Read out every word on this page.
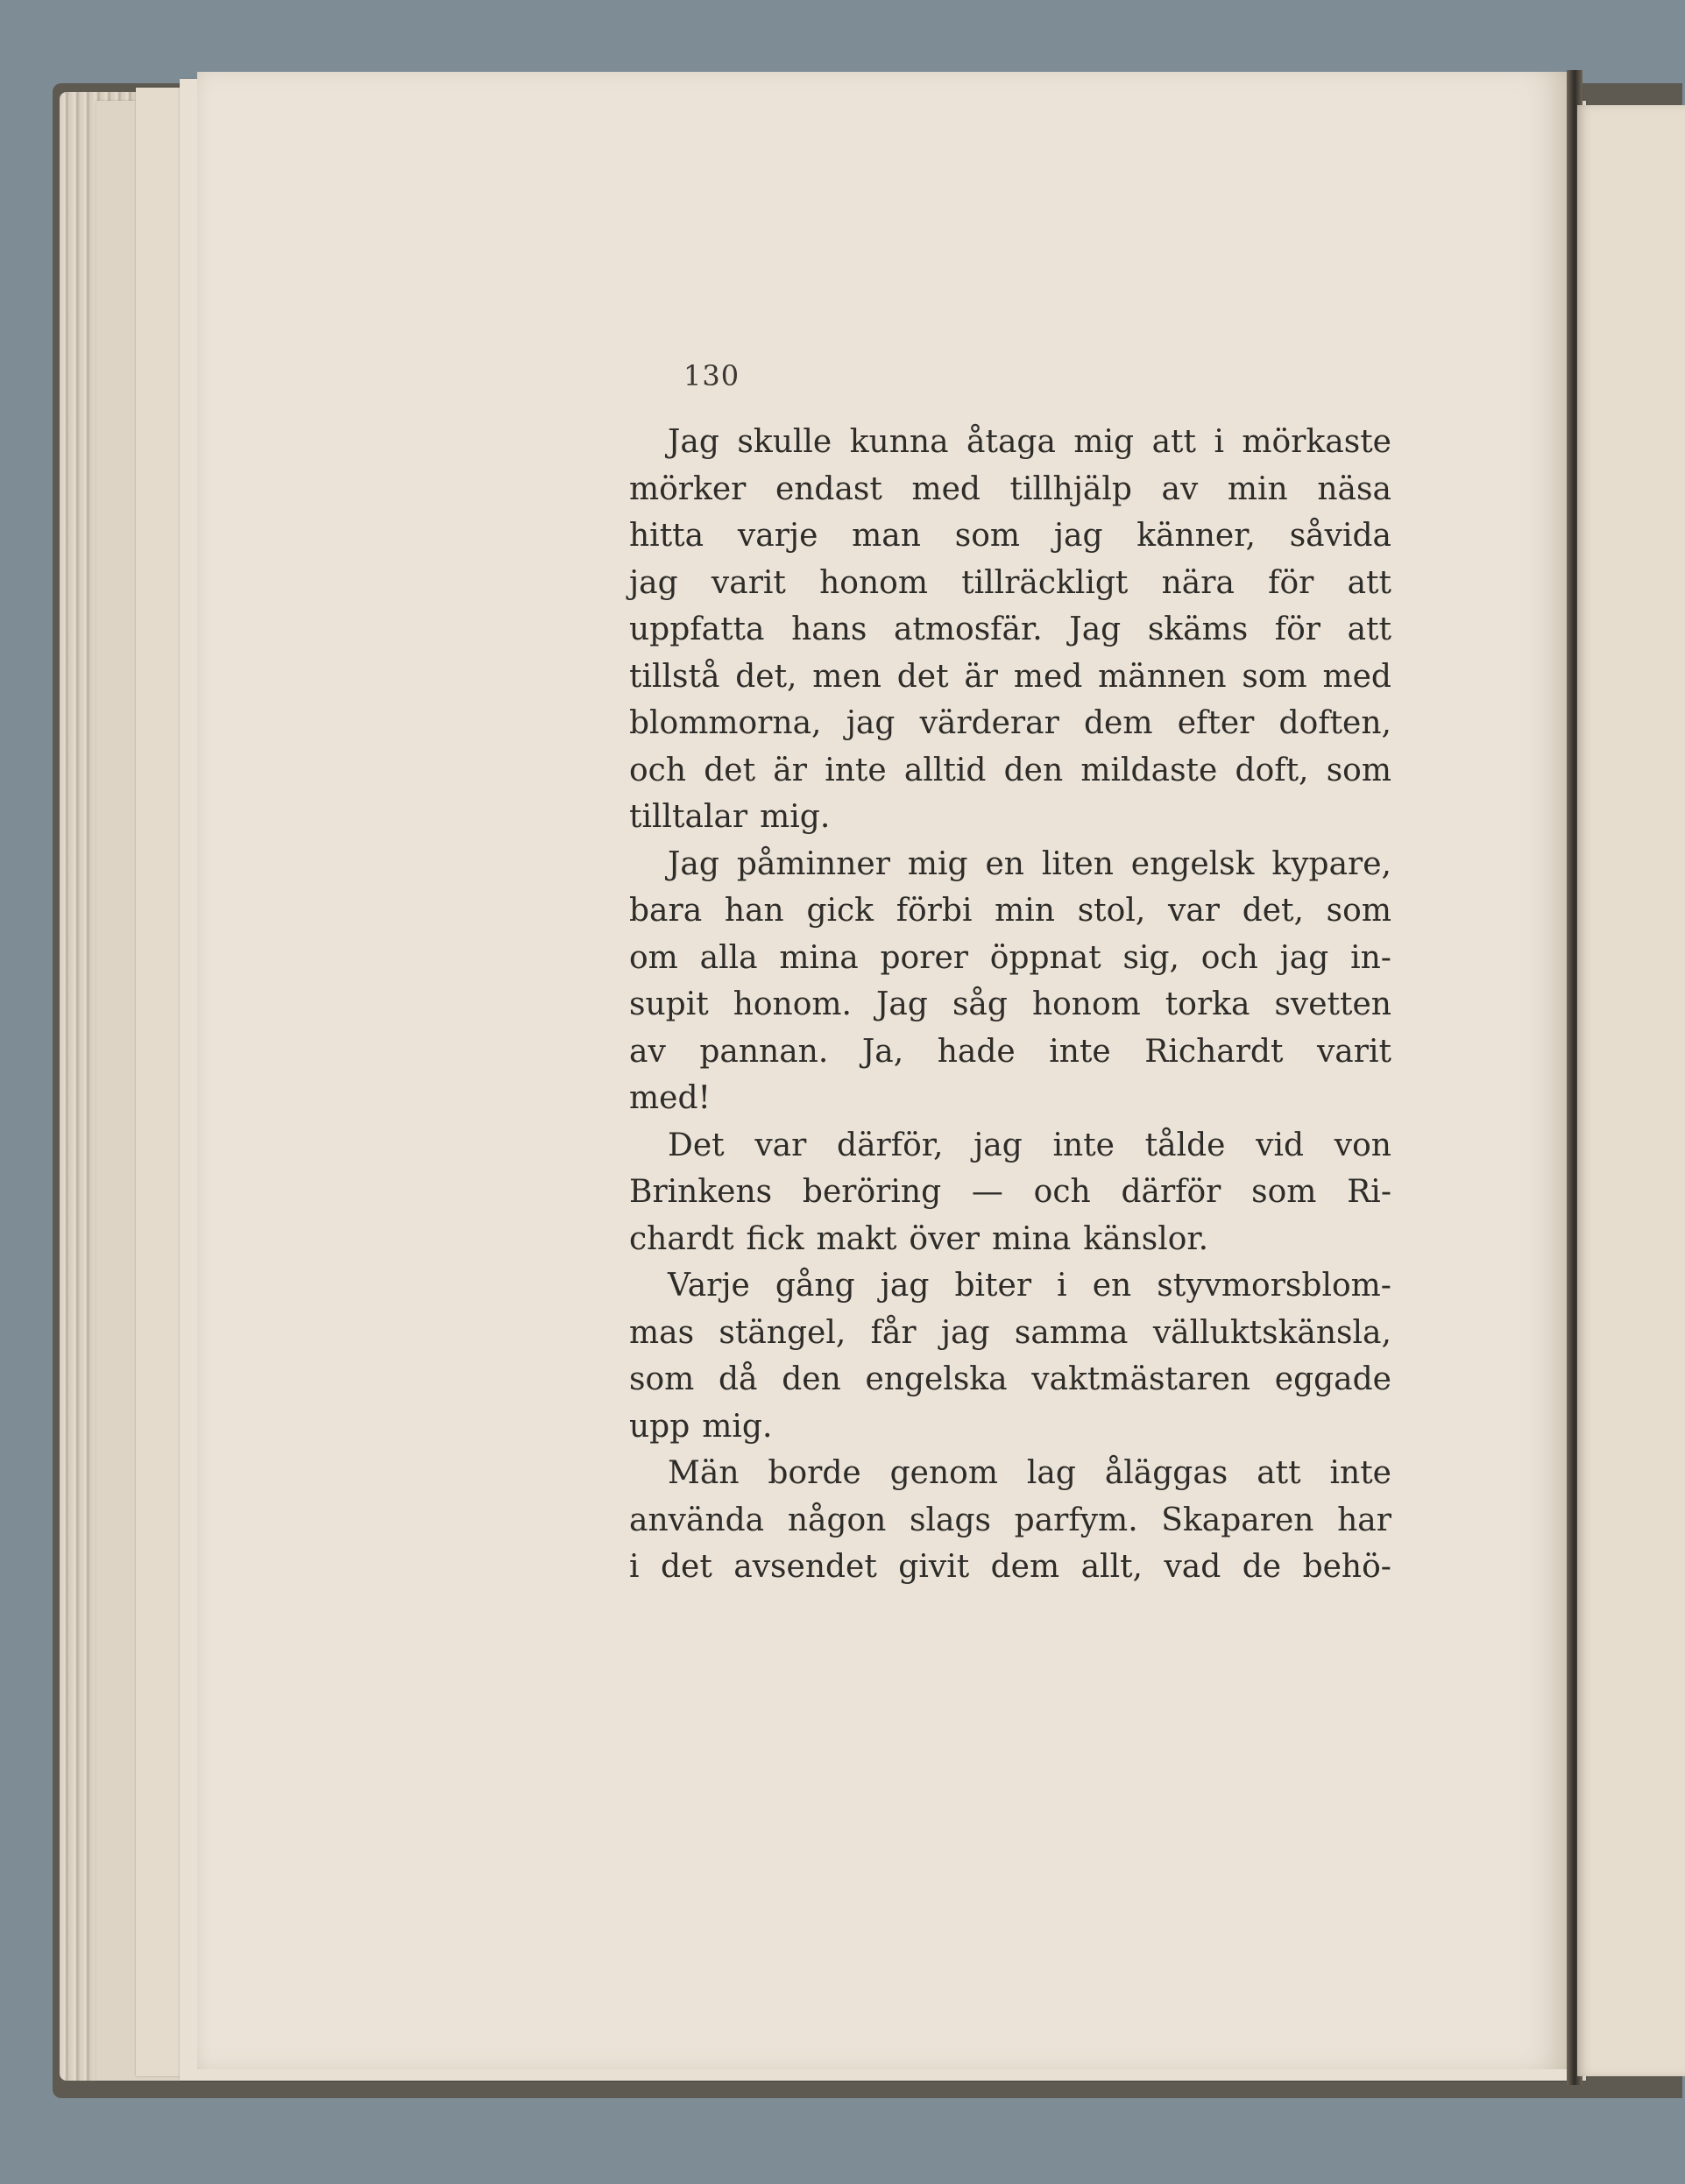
130

Jag skulle kunna åtaga mig att i mörkaste
mörker endast med tillhjälp av min näsa
hitta varje man som jag känner, såvida
jag varit honom tillräckligt nära för att
uppfatta hans atmosfär. Jag skäms för att
tillstå det, men det är med männen som med
blommorna, jag värderar dem efter doften,
och det är inte alltid den mildaste doft, som
tilltalar mig.
Jag påminner mig en liten engelsk kypare,
bara han gick förbi min stol, var det, som
om alla mina porer öppnat sig, och jag in-
supit honom. Jag såg honom torka svetten
av pannan. Ja, hade inte Richardt varit
med!
Det var därför, jag inte tålde vid von
Brinkens beröring — och därför som Ri-
chardt fick makt över mina känslor.
Varje gång jag biter i en styvmorsblom-
mas stängel, får jag samma välluktskänsla,
som då den engelska vaktmästaren eggade
upp mig.
Män borde genom lag åläggas att inte
använda någon slags parfym. Skaparen har
i det avsendet givit dem allt, vad de behö-
